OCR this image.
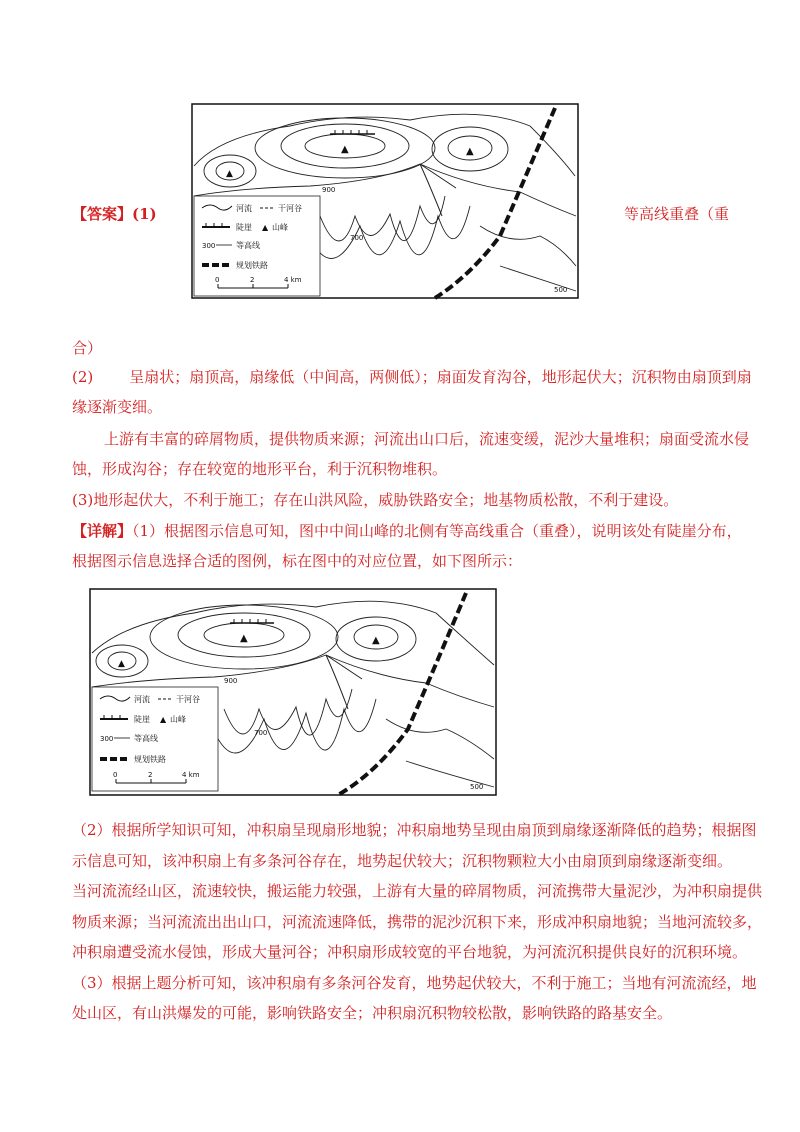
【答案】(1)
▲	▲
▲
900
700
500
河流	干河谷
陡崖 ▲ 山峰
300	等高线
规划铁路
0	2	4 km
等高线重叠（重
合）
(2) 呈扇状；扇顶高，扇缘低（中间高，两侧低）；扇面发育沟谷，地形起伏大；沉积物由扇顶到扇
缘逐渐变细。
上游有丰富的碎屑物质，提供物质来源；河流出山口后，流速变缓，泥沙大量堆积；扇面受流水侵
蚀，形成沟谷；存在较宽的地形平台，利于沉积物堆积。
(3)地形起伏大，不利于施工；存在山洪风险，威胁铁路安全；地基物质松散，不利于建设。
【详解】（1）根据图示信息可知，图中中间山峰的北侧有等高线重合（重叠），说明该处有陡崖分布，
根据图示信息选择合适的图例，标在图中的对应位置，如下图所示：
▲	▲
▲
900
700
500
河流	干河谷
陡崖 ▲ 山峰
300	等高线
规划铁路
0	2	4 km
（2）根据所学知识可知，冲积扇呈现扇形地貌；冲积扇地势呈现由扇顶到扇缘逐渐降低的趋势；根据图
示信息可知，该冲积扇上有多条河谷存在，地势起伏较大；沉积物颗粒大小由扇顶到扇缘逐渐变细。
当河流流经山区，流速较快，搬运能力较强，上游有大量的碎屑物质，河流携带大量泥沙，为冲积扇提供
物质来源；当河流流出出山口，河流流速降低，携带的泥沙沉积下来，形成冲积扇地貌；当地河流较多，
冲积扇遭受流水侵蚀，形成大量河谷；冲积扇形成较宽的平台地貌，为河流沉积提供良好的沉积环境。
（3）根据上题分析可知，该冲积扇有多条河谷发育，地势起伏较大，不利于施工；当地有河流流经，地
处山区，有山洪爆发的可能，影响铁路安全；冲积扇沉积物较松散，影响铁路的路基安全。
